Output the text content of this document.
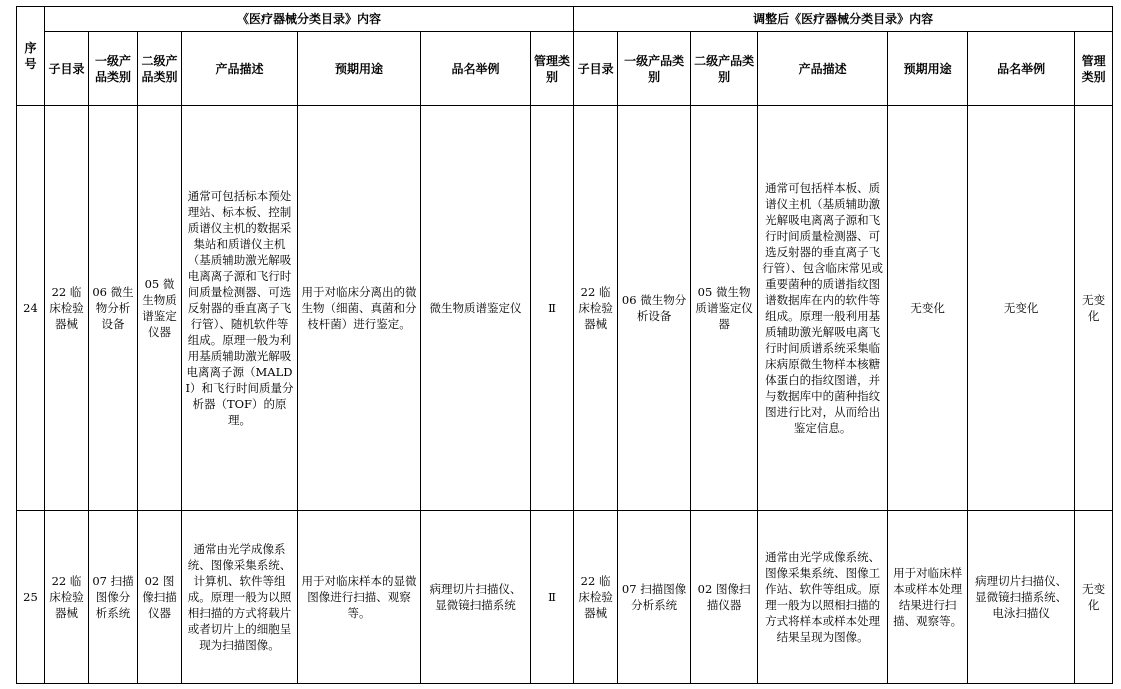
序号	《医疗器械分类目录》内容							调整后《医疗器械分类目录》内容						
	子目录	一级产品类别	二级产品类别	产品描述	预期用途	品名举例	管理类别	子目录	一级产品类别	二级产品类别	产品描述	预期用途	品名举例	管理类别
24	22 临床检验器械	06 微生物分析设备	05 微生物质谱鉴定仪器	通常可包括标本预处理站、标本板、控制质谱仪主机的数据采集站和质谱仪主机（基质辅助激光解吸电离离子源和飞行时间质量检测器、可选反射器的垂直离子飞行管）、随机软件等组成。原理一般为利用基质辅助激光解吸电离离子源（MALDI）和飞行时间质量分析器（TOF）的原理。	用于对临床分离出的微生物（细菌、真菌和分枝杆菌）进行鉴定。	微生物质谱鉴定仪	Ⅱ	22 临床检验器械	06 微生物分析设备	05 微生物质谱鉴定仪器	通常可包括样本板、质谱仪主机（基质辅助激光解吸电离离子源和飞行时间质量检测器、可选反射器的垂直离子飞行管）、包含临床常见或重要菌种的质谱指纹图谱数据库在内的软件等组成。原理一般利用基质辅助激光解吸电离飞行时间质谱系统采集临床病原微生物样本核糖体蛋白的指纹图谱，并与数据库中的菌种指纹图进行比对，从而给出鉴定信息。	无变化	无变化	无变化
25	22 临床检验器械	07 扫描图像分析系统	02 图像扫描仪器	通常由光学成像系统、图像采集系统、计算机、软件等组成。原理一般为以照相扫描的方式将载片或者切片上的细胞呈现为扫描图像。	用于对临床样本的显微图像进行扫描、观察等。	病理切片扫描仪、显微镜扫描系统	Ⅱ	22 临床检验器械	07 扫描图像分析系统	02 图像扫描仪器	通常由光学成像系统、图像采集系统、图像工作站、软件等组成。原理一般为以照相扫描的方式将样本或样本处理结果呈现为图像。	用于对临床样本或样本处理结果进行扫描、观察等。	病理切片扫描仪、显微镜扫描系统、电泳扫描仪	无变化
